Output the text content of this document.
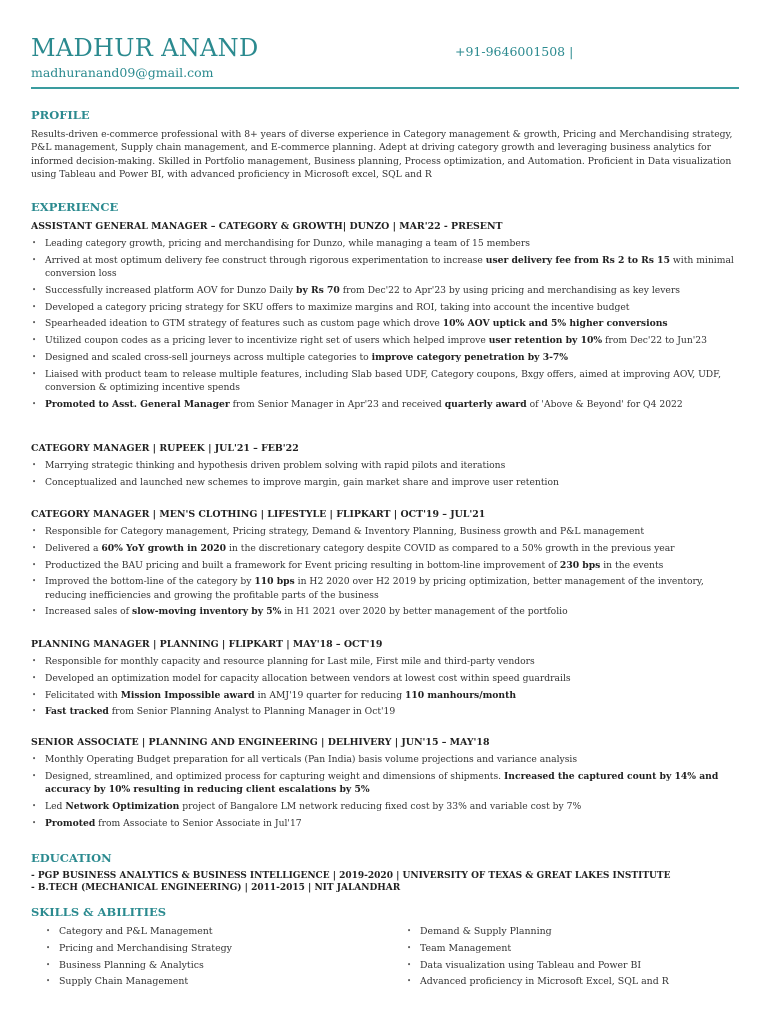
MADHUR ANAND
madhuranand09@gmail.com
+91-9646001508 |
PROFILE
Results-driven e-commerce professional with 8+ years of diverse experience in Category management & growth, Pricing and Merchandising strategy, P&L management, Supply chain management, and E-commerce planning. Adept at driving category growth and leveraging business analytics for informed decision-making. Skilled in Portfolio management, Business planning, Process optimization, and Automation. Proficient in Data visualization using Tableau and Power BI, with advanced proficiency in Microsoft excel, SQL and R
EXPERIENCE
ASSISTANT GENERAL MANAGER – CATEGORY & GROWTH| DUNZO | MAR'22 - PRESENT
• Leading category growth, pricing and merchandising for Dunzo, while managing a team of 15 members
• Arrived at most optimum delivery fee construct through rigorous experimentation to increase user delivery fee from Rs 2 to Rs 15 with minimal conversion loss
• Successfully increased platform AOV for Dunzo Daily by Rs 70 from Dec'22 to Apr'23 by using pricing and merchandising as key levers
• Developed a category pricing strategy for SKU offers to maximize margins and ROI, taking into account the incentive budget
• Spearheaded ideation to GTM strategy of features such as custom page which drove 10% AOV uptick and 5% higher conversions
• Utilized coupon codes as a pricing lever to incentivize right set of users which helped improve user retention by 10% from Dec'22 to Jun'23
• Designed and scaled cross-sell journeys across multiple categories to improve category penetration by 3-7%
• Liaised with product team to release multiple features, including Slab based UDF, Category coupons, Bxgy offers, aimed at improving AOV, UDF, conversion & optimizing incentive spends
• Promoted to Asst. General Manager from Senior Manager in Apr'23 and received quarterly award of 'Above & Beyond' for Q4 2022
CATEGORY MANAGER | RUPEEK | JUL'21 – FEB'22
• Marrying strategic thinking and hypothesis driven problem solving with rapid pilots and iterations
• Conceptualized and launched new schemes to improve margin, gain market share and improve user retention
CATEGORY MANAGER | MEN'S CLOTHING | LIFESTYLE | FLIPKART | OCT'19 – JUL'21
• Responsible for Category management, Pricing strategy, Demand & Inventory Planning, Business growth and P&L management
• Delivered a 60% YoY growth in 2020 in the discretionary category despite COVID as compared to a 50% growth in the previous year
• Productized the BAU pricing and built a framework for Event pricing resulting in bottom-line improvement of 230 bps in the events
• Improved the bottom-line of the category by 110 bps in H2 2020 over H2 2019 by pricing optimization, better management of the inventory, reducing inefficiencies and growing the profitable parts of the business
• Increased sales of slow-moving inventory by 5% in H1 2021 over 2020 by better management of the portfolio
PLANNING MANAGER | PLANNING | FLIPKART | MAY'18 – OCT'19
• Responsible for monthly capacity and resource planning for Last mile, First mile and third-party vendors
• Developed an optimization model for capacity allocation between vendors at lowest cost within speed guardrails
• Felicitated with Mission Impossible award in AMJ'19 quarter for reducing 110 manhours/month
• Fast tracked from Senior Planning Analyst to Planning Manager in Oct'19
SENIOR ASSOCIATE | PLANNING AND ENGINEERING | DELHIVERY | JUN'15 – MAY'18
• Monthly Operating Budget preparation for all verticals (Pan India) basis volume projections and variance analysis
• Designed, streamlined, and optimized process for capturing weight and dimensions of shipments. Increased the captured count by 14% and accuracy by 10% resulting in reducing client escalations by 5%
• Led Network Optimization project of Bangalore LM network reducing fixed cost by 33% and variable cost by 7%
• Promoted from Associate to Senior Associate in Jul'17
EDUCATION
- PGP BUSINESS ANALYTICS & BUSINESS INTELLIGENCE | 2019-2020 | UNIVERSITY OF TEXAS & GREAT LAKES INSTITUTE
- B.TECH (MECHANICAL ENGINEERING) | 2011-2015 | NIT JALANDHAR
SKILLS & ABILITIES
• Category and P&L Management
• Pricing and Merchandising Strategy
• Business Planning & Analytics
• Supply Chain Management
• Demand & Supply Planning
• Team Management
• Data visualization using Tableau and Power BI
• Advanced proficiency in Microsoft Excel, SQL and R
